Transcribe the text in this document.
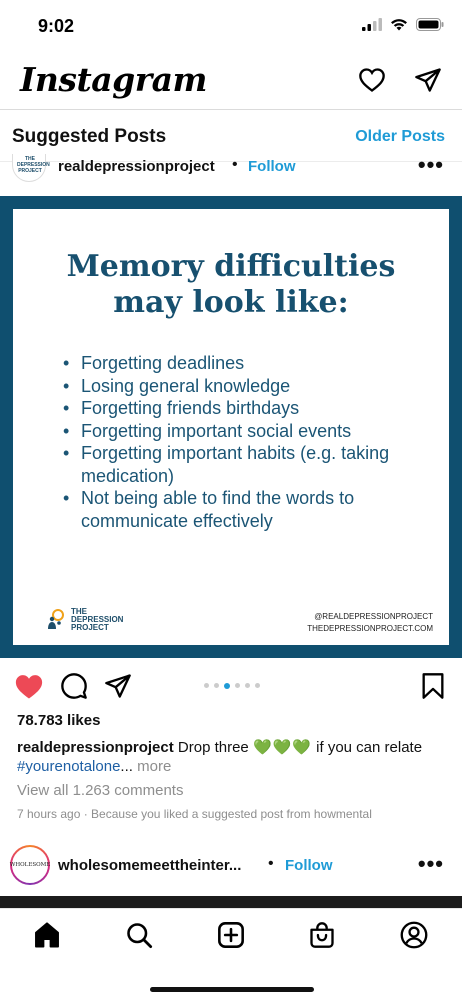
9:02
Instagram
Suggested Posts	Older Posts
THE DEPRESSION PROJECT realdepressionproject • Follow	•••
Memory difficulties
may look like:
• Forgetting deadlines
• Losing general knowledge
• Forgetting friends birthdays
• Forgetting important social events
• Forgetting important habits (e.g. taking medication)
• Not being able to find the words to communicate effectively
THE
DEPRESSION
PROJECT
@REALDEPRESSIONPROJECT
THEDEPRESSIONPROJECT.COM
78.783 likes
realdepressionproject Drop three 💚💚💚 if you can relate #yourenotalone... more
View all 1.263 comments
7 hours ago · Because you liked a suggested post from howmental
WHOLESOME wholesomemeettheinter... • Follow	•••
